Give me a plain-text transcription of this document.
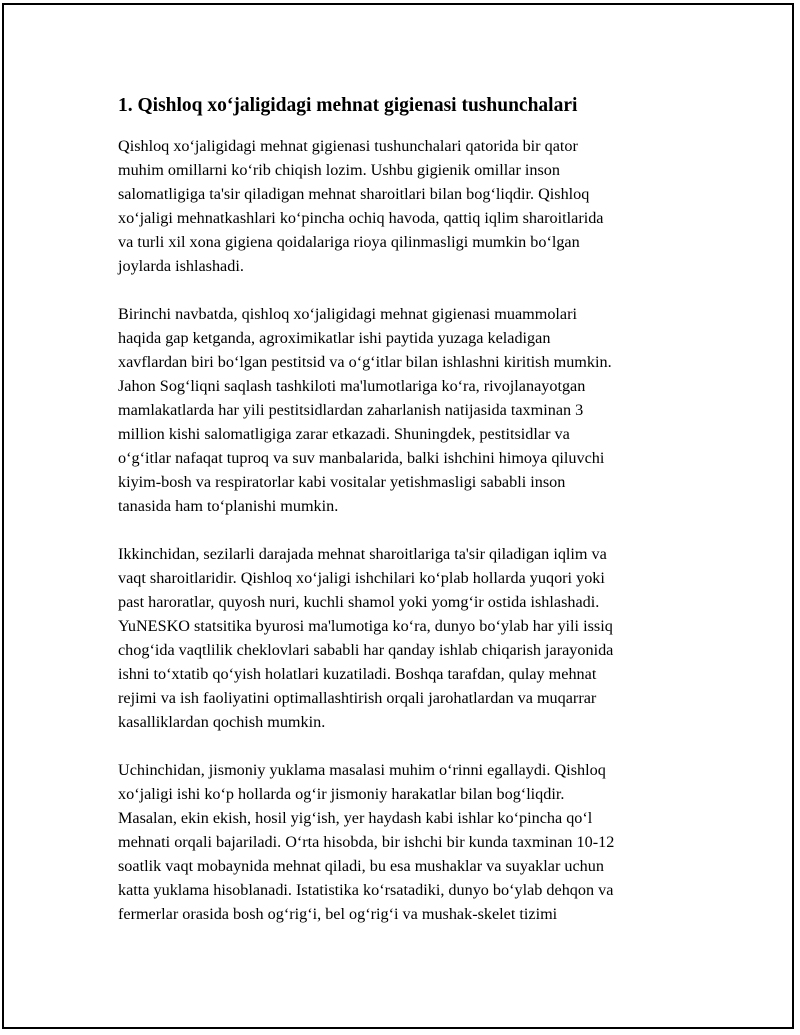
1. Qishloq xo‘jaligidagi mehnat gigienasi tushunchalari

Qishloq xo‘jaligidagi mehnat gigienasi tushunchalari qatorida bir qator
muhim omillarni ko‘rib chiqish lozim. Ushbu gigienik omillar inson
salomatligiga ta'sir qiladigan mehnat sharoitlari bilan bog‘liqdir. Qishloq
xo‘jaligi mehnatkashlari ko‘pincha ochiq havoda, qattiq iqlim sharoitlarida
va turli xil xona gigiena qoidalariga rioya qilinmasligi mumkin bo‘lgan
joylarda ishlashadi.

Birinchi navbatda, qishloq xo‘jaligidagi mehnat gigienasi muammolari
haqida gap ketganda, agroximikatlar ishi paytida yuzaga keladigan
xavflardan biri bo‘lgan pestitsid va o‘g‘itlar bilan ishlashni kiritish mumkin.
Jahon Sog‘liqni saqlash tashkiloti ma'lumotlariga ko‘ra, rivojlanayotgan
mamlakatlarda har yili pestitsidlardan zaharlanish natijasida taxminan 3
million kishi salomatligiga zarar etkazadi. Shuningdek, pestitsidlar va
o‘g‘itlar nafaqat tuproq va suv manbalarida, balki ishchini himoya qiluvchi
kiyim-bosh va respiratorlar kabi vositalar yetishmasligi sababli inson
tanasida ham to‘planishi mumkin.

Ikkinchidan, sezilarli darajada mehnat sharoitlariga ta'sir qiladigan iqlim va
vaqt sharoitlaridir. Qishloq xo‘jaligi ishchilari ko‘plab hollarda yuqori yoki
past haroratlar, quyosh nuri, kuchli shamol yoki yomg‘ir ostida ishlashadi.
YuNESKO statsitika byurosi ma'lumotiga ko‘ra, dunyo bo‘ylab har yili issiq
chog‘ida vaqtlilik cheklovlari sababli har qanday ishlab chiqarish jarayonida
ishni to‘xtatib qo‘yish holatlari kuzatiladi. Boshqa tarafdan, qulay mehnat
rejimi va ish faoliyatini optimallashtirish orqali jarohatlardan va muqarrar
kasalliklardan qochish mumkin.

Uchinchidan, jismoniy yuklama masalasi muhim o‘rinni egallaydi. Qishloq
xo‘jaligi ishi ko‘p hollarda og‘ir jismoniy harakatlar bilan bog‘liqdir.
Masalan, ekin ekish, hosil yig‘ish, yer haydash kabi ishlar ko‘pincha qo‘l
mehnati orqali bajariladi. O‘rta hisobda, bir ishchi bir kunda taxminan 10-12
soatlik vaqt mobaynida mehnat qiladi, bu esa mushaklar va suyaklar uchun
katta yuklama hisoblanadi. Istatistika ko‘rsatadiki, dunyo bo‘ylab dehqon va
fermerlar orasida bosh og‘rig‘i, bel og‘rig‘i va mushak-skelet tizimi
